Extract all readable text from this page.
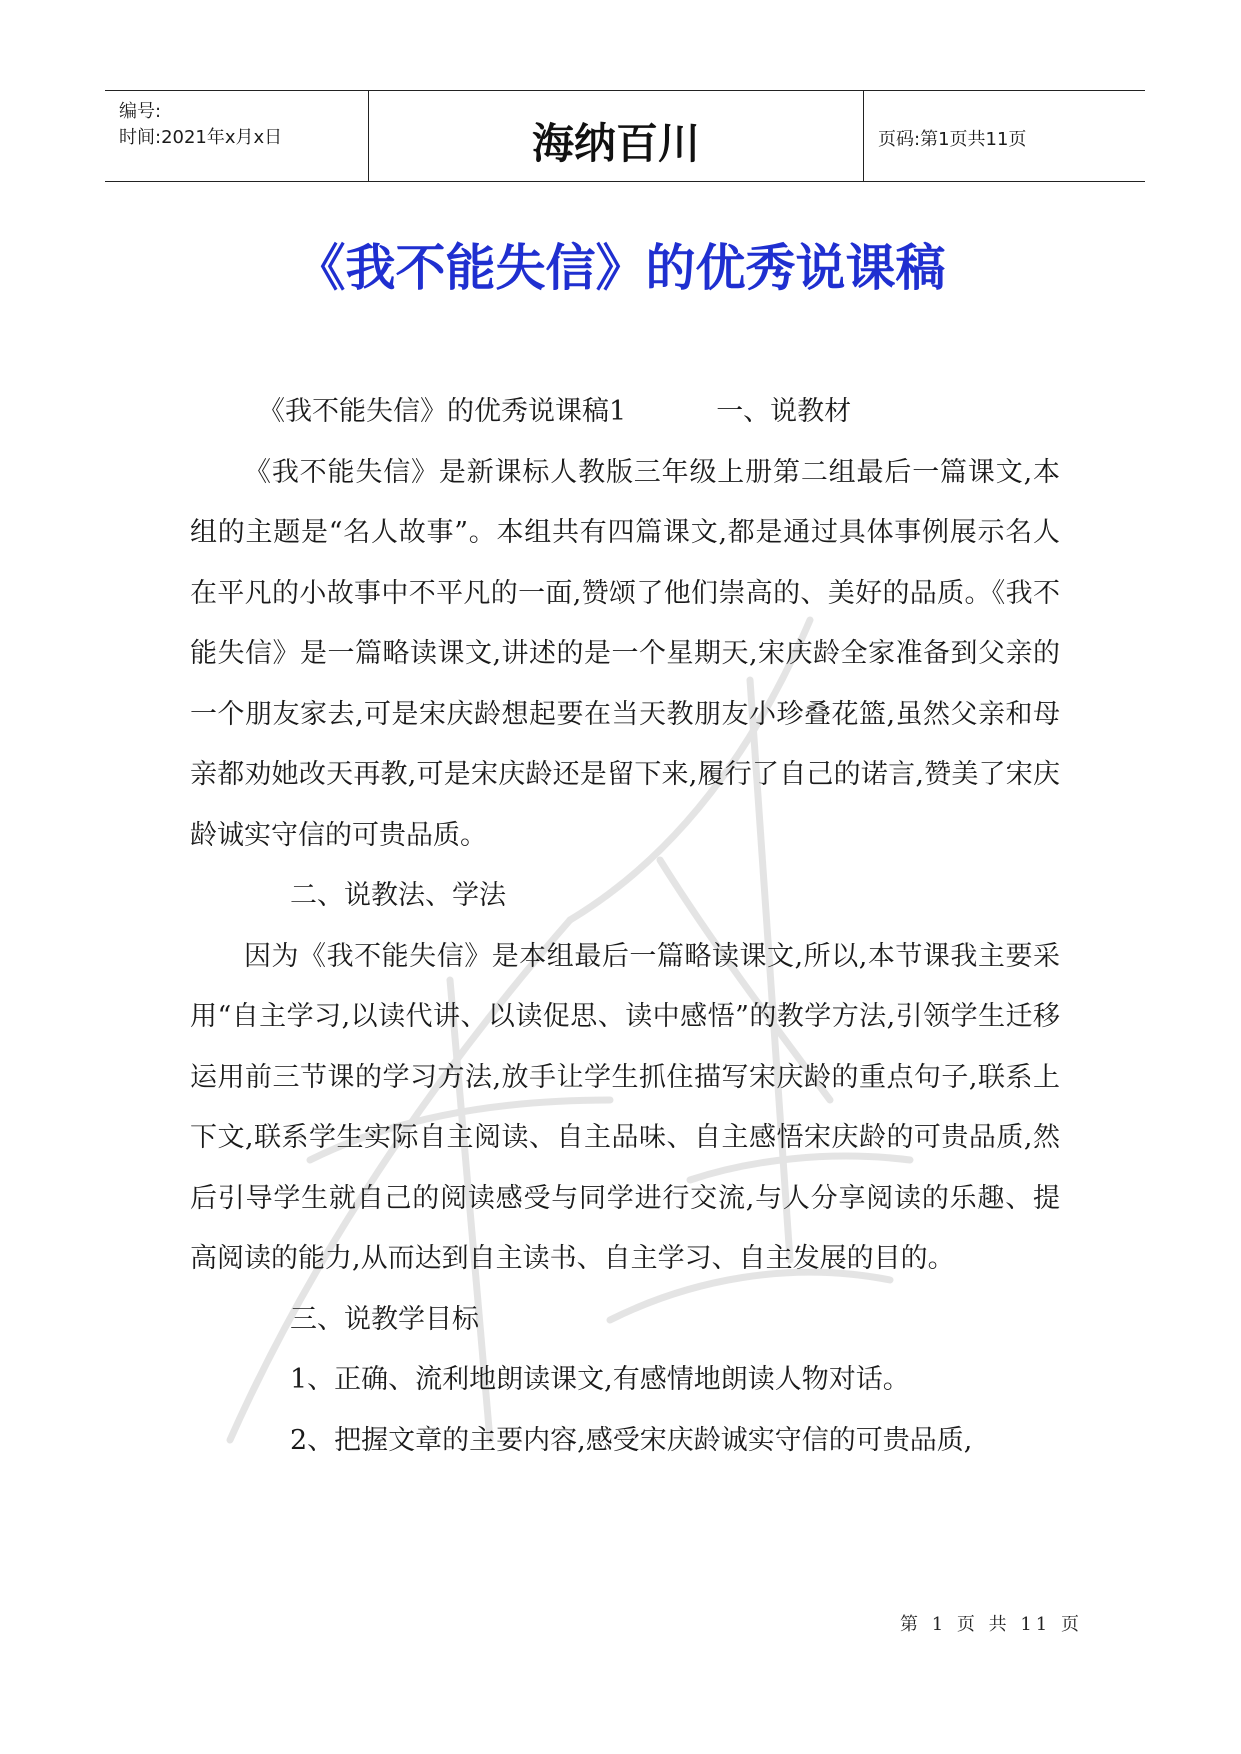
编号:
时间:2021年x月x日	海纳百川	页码:第1页共11页
《我不能失信》的优秀说课稿

《我不能失信》的优秀说课稿1	一、说教材

《我不能失信》是新课标人教版三年级上册第二组最后一篇课文,本组的主题是“名人故事”。本组共有四篇课文,都是通过具体事例展示名人在平凡的小故事中不平凡的一面,赞颂了他们崇高的、美好的品质。《我不能失信》是一篇略读课文,讲述的是一个星期天,宋庆龄全家准备到父亲的一个朋友家去,可是宋庆龄想起要在当天教朋友小珍叠花篮,虽然父亲和母亲都劝她改天再教,可是宋庆龄还是留下来,履行了自己的诺言,赞美了宋庆龄诚实守信的可贵品质。

二、说教法、学法

因为《我不能失信》是本组最后一篇略读课文,所以,本节课我主要采用“自主学习,以读代讲、以读促思、读中感悟”的教学方法,引领学生迁移运用前三节课的学习方法,放手让学生抓住描写宋庆龄的重点句子,联系上下文,联系学生实际自主阅读、自主品味、自主感悟宋庆龄的可贵品质,然后引导学生就自己的阅读感受与同学进行交流,与人分享阅读的乐趣、提高阅读的能力,从而达到自主读书、自主学习、自主发展的目的。

三、说教学目标

1、正确、流利地朗读课文,有感情地朗读人物对话。

2、把握文章的主要内容,感受宋庆龄诚实守信的可贵品质,

第 1 页 共 11 页
